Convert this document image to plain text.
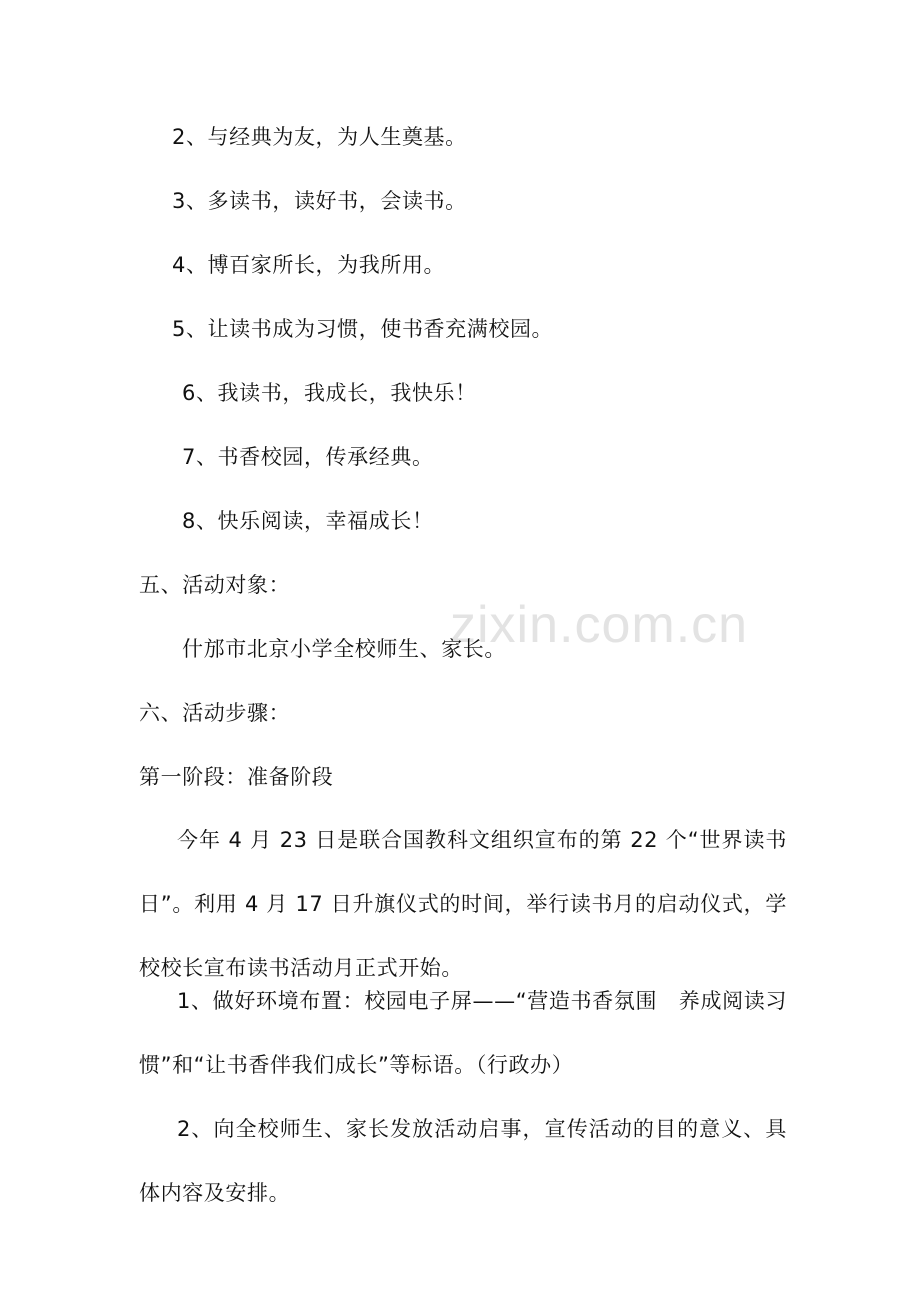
zixin.com.cn

2、与经典为友，为人生奠基。

3、多读书，读好书，会读书。

4、博百家所长，为我所用。

5、让读书成为习惯，使书香充满校园。

6、我读书，我成长，我快乐！

7、书香校园，传承经典。

8、快乐阅读，幸福成长！

五、活动对象：

什邡市北京小学全校师生、家长。

六、活动步骤：

第一阶段：准备阶段

今年 4 月 23 日是联合国教科文组织宣布的第 22 个“世界读书日”。利用 4 月 17 日升旗仪式的时间，举行读书月的启动仪式，学校校长宣布读书活动月正式开始。

1、做好环境布置：校园电子屏——“营造书香氛围　养成阅读习惯”和“让书香伴我们成长”等标语。（行政办）

2、向全校师生、家长发放活动启事，宣传活动的目的意义、具体内容及安排。
